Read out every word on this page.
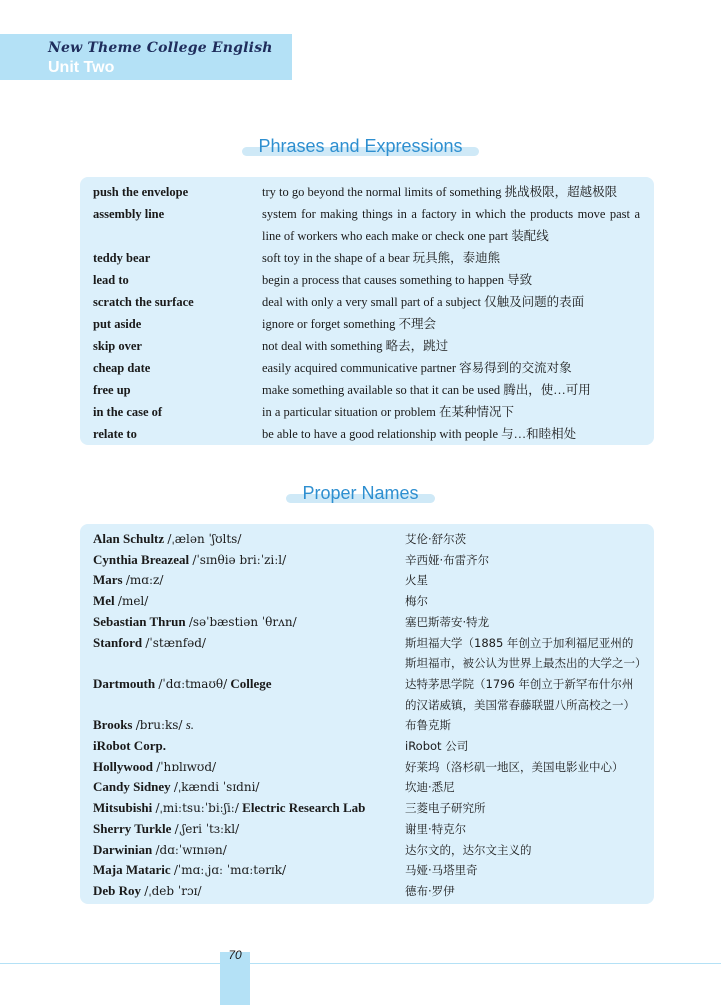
New Theme College English
Unit Two
Phrases and Expressions
push the envelope	try to go beyond the normal limits of something 挑战极限，超越极限
assembly line	system for making things in a factory in which the products move past a line of workers who each make or check one part 装配线
teddy bear	soft toy in the shape of a bear 玩具熊，泰迪熊
lead to	begin a process that causes something to happen 导致
scratch the surface	deal with only a very small part of a subject 仅触及问题的表面
put aside	ignore or forget something 不理会
skip over	not deal with something 略去，跳过
cheap date	easily acquired communicative partner 容易得到的交流对象
free up	make something available so that it can be used 腾出，使…可用
in the case of	in a particular situation or problem 在某种情况下
relate to	be able to have a good relationship with people 与…和睦相处
Proper Names
Alan Schultz /ˌælən ˈʃʊlts/	艾伦·舒尔茨
Cynthia Breazeal /ˈsɪnθiə briːˈziːl/	辛西娅·布雷齐尔
Mars /mɑːz/	火星
Mel /mel/	梅尔
Sebastian Thrun /səˈbæstiən ˈθrʌn/	塞巴斯蒂安·特龙
Stanford /ˈstænfəd/	斯坦福大学（1885 年创立于加利福尼亚州的斯坦福市，被公认为世界上最杰出的大学之一）
Dartmouth /ˈdɑːtmaʊθ/ College	达特茅思学院（1796 年创立于新罕布什尔州的汉诺威镇，美国常春藤联盟八所高校之一）
Brooks /bruːks/ s.	布鲁克斯
iRobot Corp.	iRobot 公司
Hollywood /ˈhɒlɪwʊd/	好莱坞（洛杉矶一地区，美国电影业中心）
Candy Sidney /ˌkændi ˈsɪdni/	坎迪·悉尼
Mitsubishi /ˌmiːtsuːˈbiːʃiː/ Electric Research Lab	三菱电子研究所
Sherry Turkle /ˌʃeri ˈtɜːkl/	谢里·特克尔
Darwinian /dɑːˈwɪnɪən/	达尔文的，达尔文主义的
Maja Mataric /ˈmɑːˌjɑː ˈmɑːtərɪk/	马娅·马塔里奇
Deb Roy /ˌdeb ˈrɔɪ/	德布·罗伊
70
